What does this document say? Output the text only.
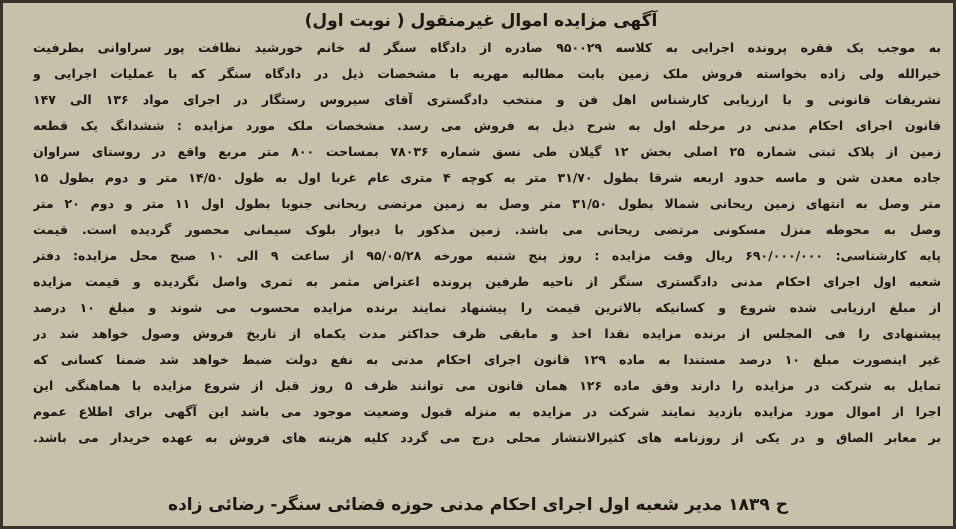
آگهی مزایده اموال غیرمنقول ( نوبت اول)
به موجب یک فقره پرونده اجرایی به کلاسه ۹۵۰۰۲۹ صادره از دادگاه سنگر له خانم خورشید نظافت پور سراوانی بطرفیت
خیرالله ولی زاده بخواسته فروش ملک زمین بابت مطالبه مهریه با مشخصات ذیل در دادگاه سنگر که با عملیات اجرایی و
تشریفات قانونی و با ارزیابی کارشناس اهل فن و منتخب دادگستری آقای سیروس رستگار در اجرای مواد ۱۳۶ الی ۱۴۷
قانون اجرای احکام مدنی در مرحله اول به شرح ذیل به فروش می رسد. مشخصات ملک مورد مزایده : ششدانگ یک قطعه
زمین از پلاک ثبتی شماره ۲۵ اصلی بخش ۱۲ گیلان طی نسق شماره ۷۸۰۳۶ بمساحت ۸۰۰ متر مربع واقع در روستای سراوان
جاده معدن شن و ماسه حدود اربعه شرقا بطول ۳۱/۷۰ متر به کوچه ۴ متری عام غربا اول به طول ۱۴/۵۰ متر و دوم بطول ۱۵
متر وصل به انتهای زمین ریحانی شمالا بطول ۳۱/۵۰ متر وصل به زمین مرتضی ریحانی جنوبا بطول اول ۱۱ متر و دوم ۲۰ متر
وصل به محوطه منزل مسکونی مرتضی ریحانی می باشد. زمین مذکور با دیوار بلوک سیمانی محصور گردیده است. قیمت
پایه کارشناسی: ۶۹۰/۰۰۰/۰۰۰ ریال وقت مزایده : روز پنج شنبه مورخه ۹۵/۰۵/۲۸ از ساعت ۹ الی ۱۰ صبح محل مزایده: دفتر
شعبه اول اجرای احکام مدنی دادگستری سنگر از ناحیه طرفین پرونده اعتراض مثمر به ثمری واصل نگردیده و قیمت مزایده
از مبلغ ارزیابی شده شروع و کسانیکه بالاترین قیمت را پیشنهاد نمایند برنده مزایده محسوب می شوند و مبلغ ۱۰ درصد
پیشنهادی را فی المجلس از برنده مزایده نقدا اخذ و مابقی ظرف حداکثر مدت یکماه از تاریخ فروش وصول خواهد شد در
غیر اینصورت مبلغ ۱۰ درصد مستندا به ماده ۱۲۹ قانون اجرای احکام مدنی به نفع دولت ضبط خواهد شد ضمنا کسانی که
تمایل به شرکت در مزایده را دارند وفق ماده ۱۲۶ همان قانون می توانند ظرف ۵ روز قبل از شروع مزایده با هماهنگی این
اجرا از اموال مورد مزایده بازدید نمایند شرکت در مزایده به منزله قبول وضعیت موجود می باشد این آگهی برای اطلاع عموم
بر معابر الصاق و در یکی از روزنامه های کثیرالانتشار محلی درج می گردد کلیه هزینه های فروش به عهده خریدار می باشد.
ح ۱۸۳۹ مدیر شعبه اول اجرای احکام مدنی حوزه قضائی سنگر- رضائی زاده
